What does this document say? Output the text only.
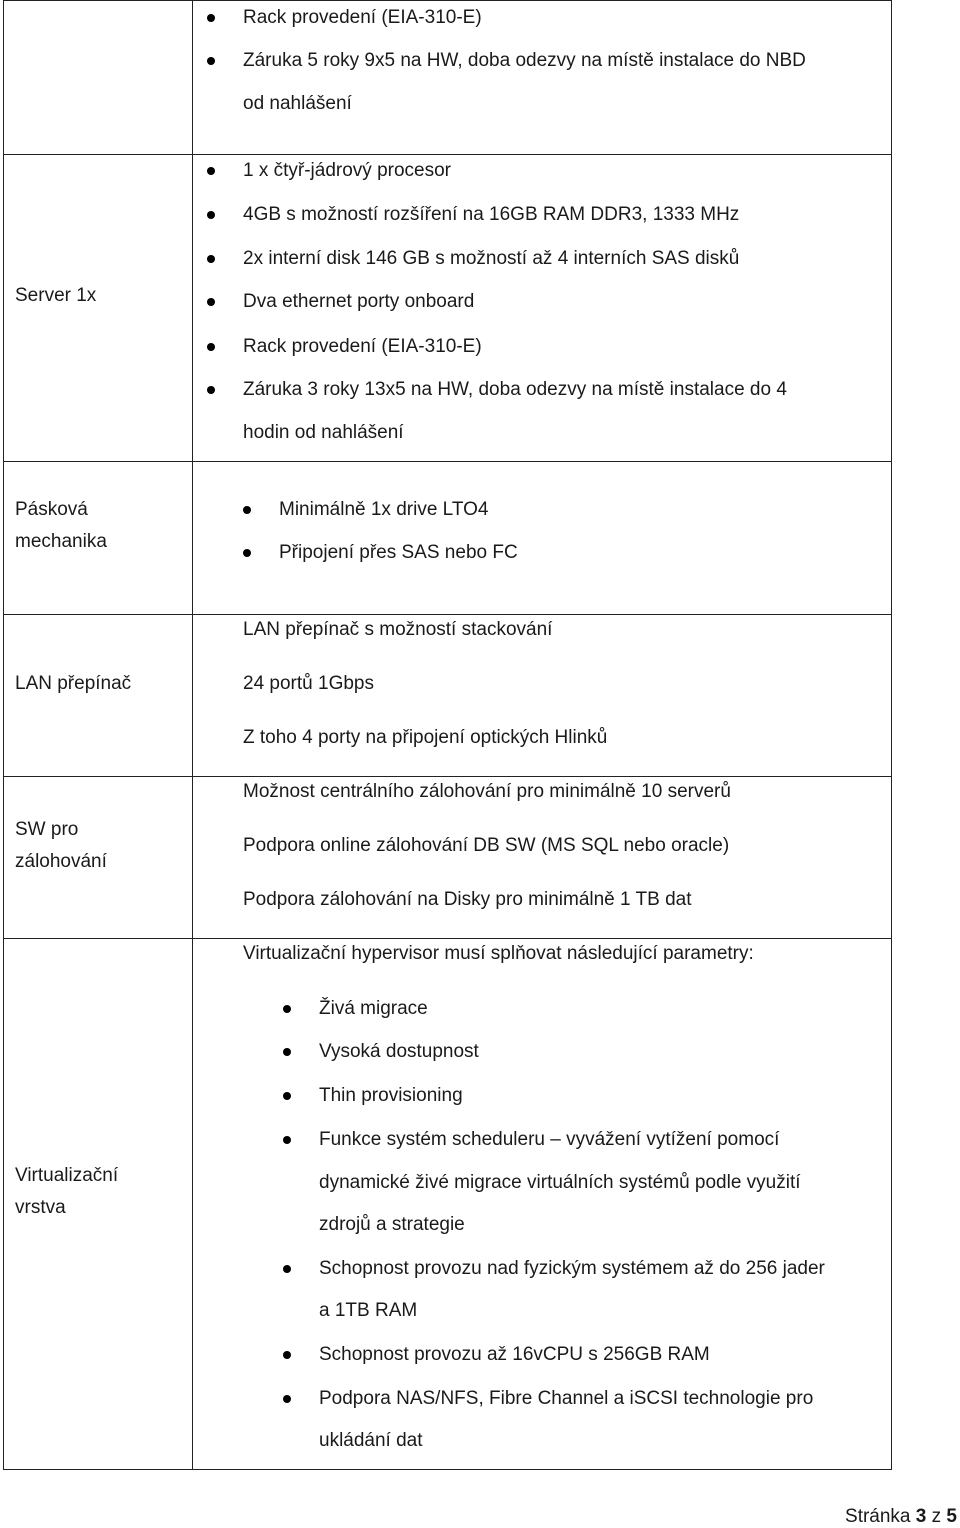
Rack provedení (EIA-310-E)
Záruka 5 roky 9x5 na HW, doba odezvy na místě instalace do NBD
od nahlášení
Server 1x
1 x čtyř-jádrový procesor
4GB s možností rozšíření na 16GB RAM DDR3, 1333 MHz
2x interní disk 146 GB s možností až 4 interních SAS disků
Dva ethernet porty onboard
Rack provedení (EIA-310-E)
Záruka 3 roky 13x5 na HW, doba odezvy na místě instalace do 4
hodin od nahlášení
Pásková
mechanika
Minimálně 1x drive LTO4
Připojení přes SAS nebo FC
LAN přepínač
LAN přepínač s možností stackování
24 portů 1Gbps
Z toho 4 porty na připojení optických Hlinků
SW pro
zálohování
Možnost centrálního zálohování pro minimálně 10 serverů
Podpora online zálohování DB SW (MS SQL nebo oracle)
Podpora zálohování na Disky pro minimálně 1 TB dat
Virtualizační
vrstva
Virtualizační hypervisor musí splňovat následující parametry:
Živá migrace
Vysoká dostupnost
Thin provisioning
Funkce systém scheduleru – vyvážení vytížení pomocí
dynamické živé migrace virtuálních systémů podle využití
zdrojů a strategie
Schopnost provozu nad fyzickým systémem až do 256 jader
a 1TB RAM
Schopnost provozu až 16vCPU s 256GB RAM
Podpora NAS/NFS, Fibre Channel a iSCSI technologie pro
ukládání dat
Stránka 3 z 5
